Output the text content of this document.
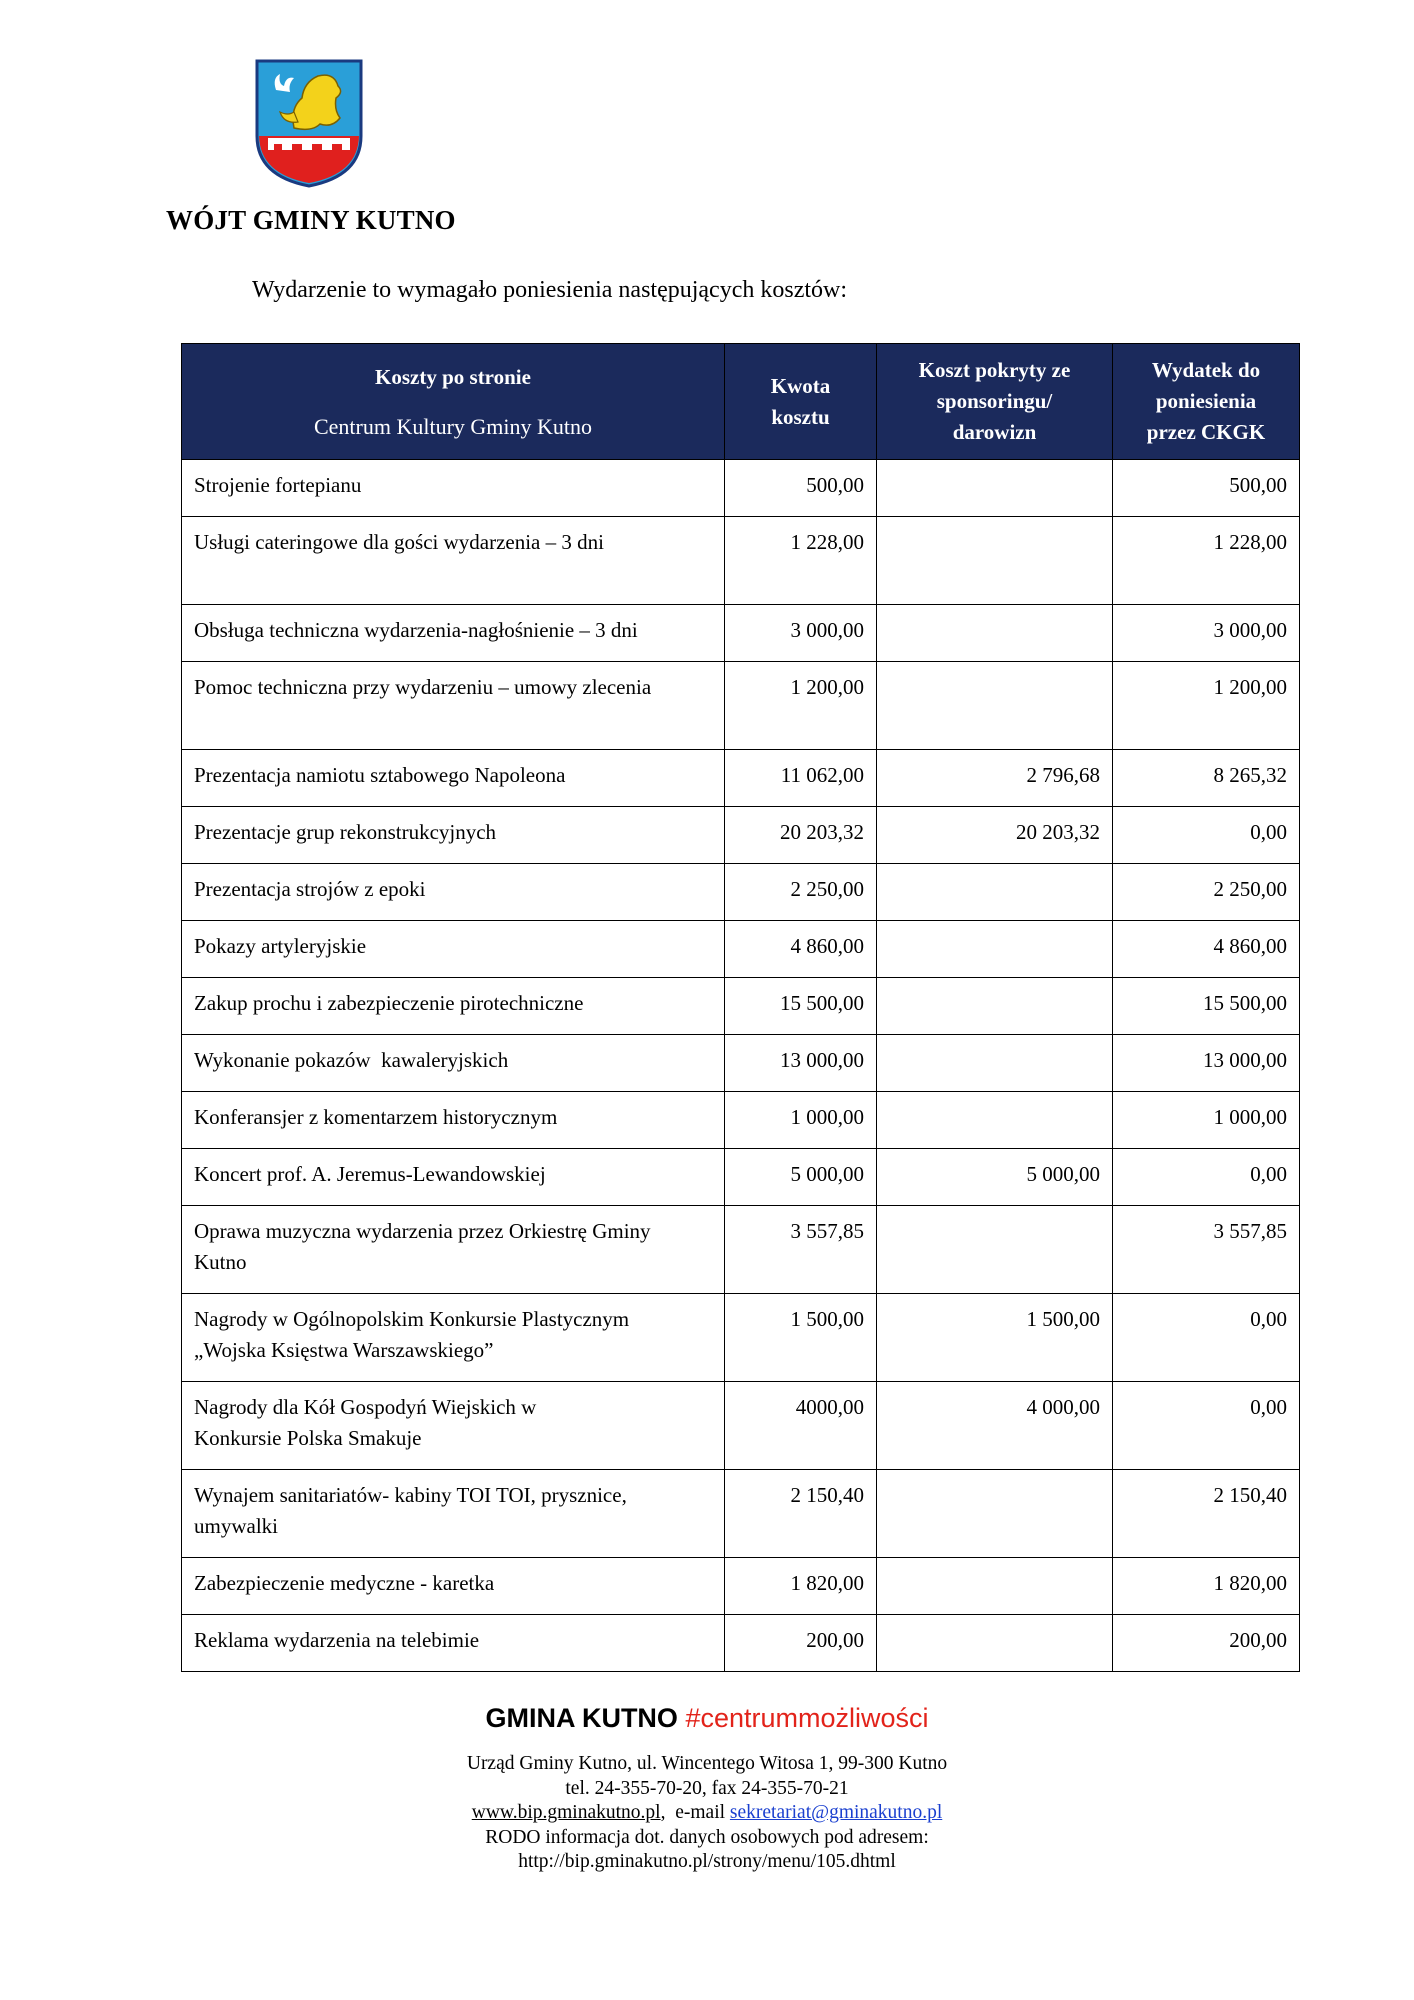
WÓJT GMINY KUTNO
Wydarzenie to wymagało poniesienia następujących kosztów:
Koszty po stronie
Centrum Kultury Gminy Kutno	Kwota kosztu	Koszt pokryty ze sponsoringu/ darowizn	Wydatek do poniesienia przez CKGK
Strojenie fortepianu	500,00		500,00
Usługi cateringowe dla gości wydarzenia – 3 dni	1 228,00		1 228,00
Obsługa techniczna wydarzenia-nagłośnienie – 3 dni	3 000,00		3 000,00
Pomoc techniczna przy wydarzeniu – umowy zlecenia	1 200,00		1 200,00
Prezentacja namiotu sztabowego Napoleona	11 062,00	2 796,68	8 265,32
Prezentacje grup rekonstrukcyjnych	20 203,32	20 203,32	0,00
Prezentacja strojów z epoki	2 250,00		2 250,00
Pokazy artyleryjskie	4 860,00		4 860,00
Zakup prochu i zabezpieczenie pirotechniczne	15 500,00		15 500,00
Wykonanie pokazów  kawaleryjskich	13 000,00		13 000,00
Konferansjer z komentarzem historycznym	1 000,00		1 000,00
Koncert prof. A. Jeremus-Lewandowskiej	5 000,00	5 000,00	0,00
Oprawa muzyczna wydarzenia przez Orkiestrę Gminy Kutno	3 557,85		3 557,85
Nagrody w Ogólnopolskim Konkursie Plastycznym „Wojska Księstwa Warszawskiego”	1 500,00	1 500,00	0,00
Nagrody dla Kół Gospodyń Wiejskich w Konkursie Polska Smakuje	4000,00	4 000,00	0,00
Wynajem sanitariatów- kabiny TOI TOI, prysznice, umywalki	2 150,40		2 150,40
Zabezpieczenie medyczne - karetka	1 820,00		1 820,00
Reklama wydarzenia na telebimie	200,00		200,00
GMINA KUTNO #centrummożliwości
Urząd Gminy Kutno, ul. Wincentego Witosa 1, 99-300 Kutno
tel. 24-355-70-20, fax 24-355-70-21
www.bip.gminakutno.pl,  e-mail sekretariat@gminakutno.pl
RODO informacja dot. danych osobowych pod adresem:
http://bip.gminakutno.pl/strony/menu/105.dhtml
